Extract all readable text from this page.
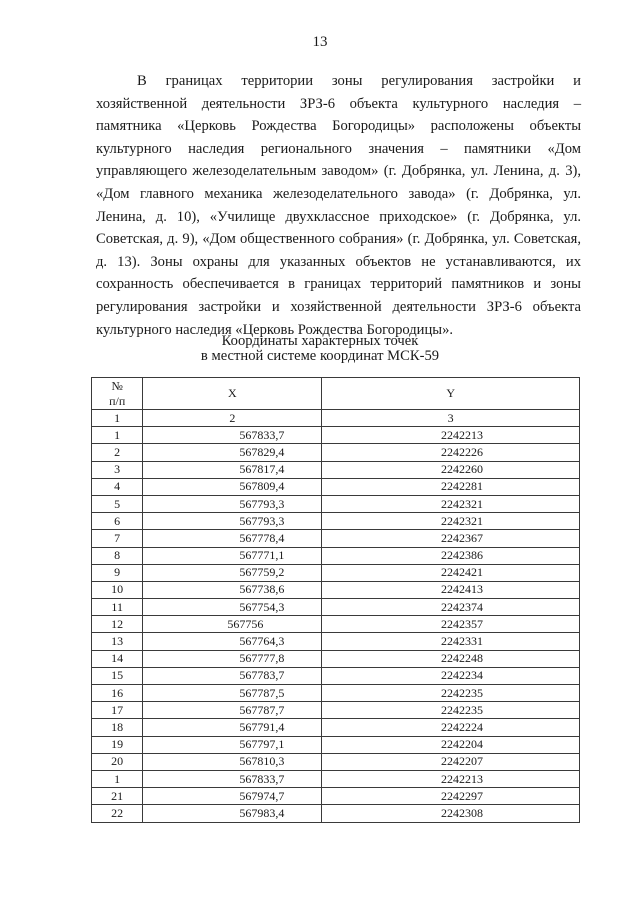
13

В границах территории зоны регулирования застройки и хозяйственной деятельности ЗРЗ-6 объекта культурного наследия – памятника «Церковь Рождества Богородицы» расположены объекты культурного наследия регионального значения – памятники «Дом управляющего железоделательным заводом» (г. Добрянка, ул. Ленина, д. 3), «Дом главного механика железоделательного завода» (г. Добрянка, ул. Ленина, д. 10), «Училище двухклассное приходское» (г. Добрянка, ул. Советская, д. 9), «Дом общественного собрания» (г. Добрянка, ул. Советская, д. 13). Зоны охраны для указанных объектов не устанавливаются, их сохранность обеспечивается в границах территорий памятников и зоны регулирования застройки и хозяйственной деятельности ЗРЗ-6 объекта культурного наследия «Церковь Рождества Богородицы».

Координаты характерных точек
в местной системе координат МСК-59
№
п/п	X	Y
1	2	3
1	567833,7	2242213
2	567829,4	2242226
3	567817,4	2242260
4	567809,4	2242281
5	567793,3	2242321
6	567793,3	2242321
7	567778,4	2242367
8	567771,1	2242386
9	567759,2	2242421
10	567738,6	2242413
11	567754,3	2242374
12	567756	2242357
13	567764,3	2242331
14	567777,8	2242248
15	567783,7	2242234
16	567787,5	2242235
17	567787,7	2242235
18	567791,4	2242224
19	567797,1	2242204
20	567810,3	2242207
1	567833,7	2242213
21	567974,7	2242297
22	567983,4	2242308
